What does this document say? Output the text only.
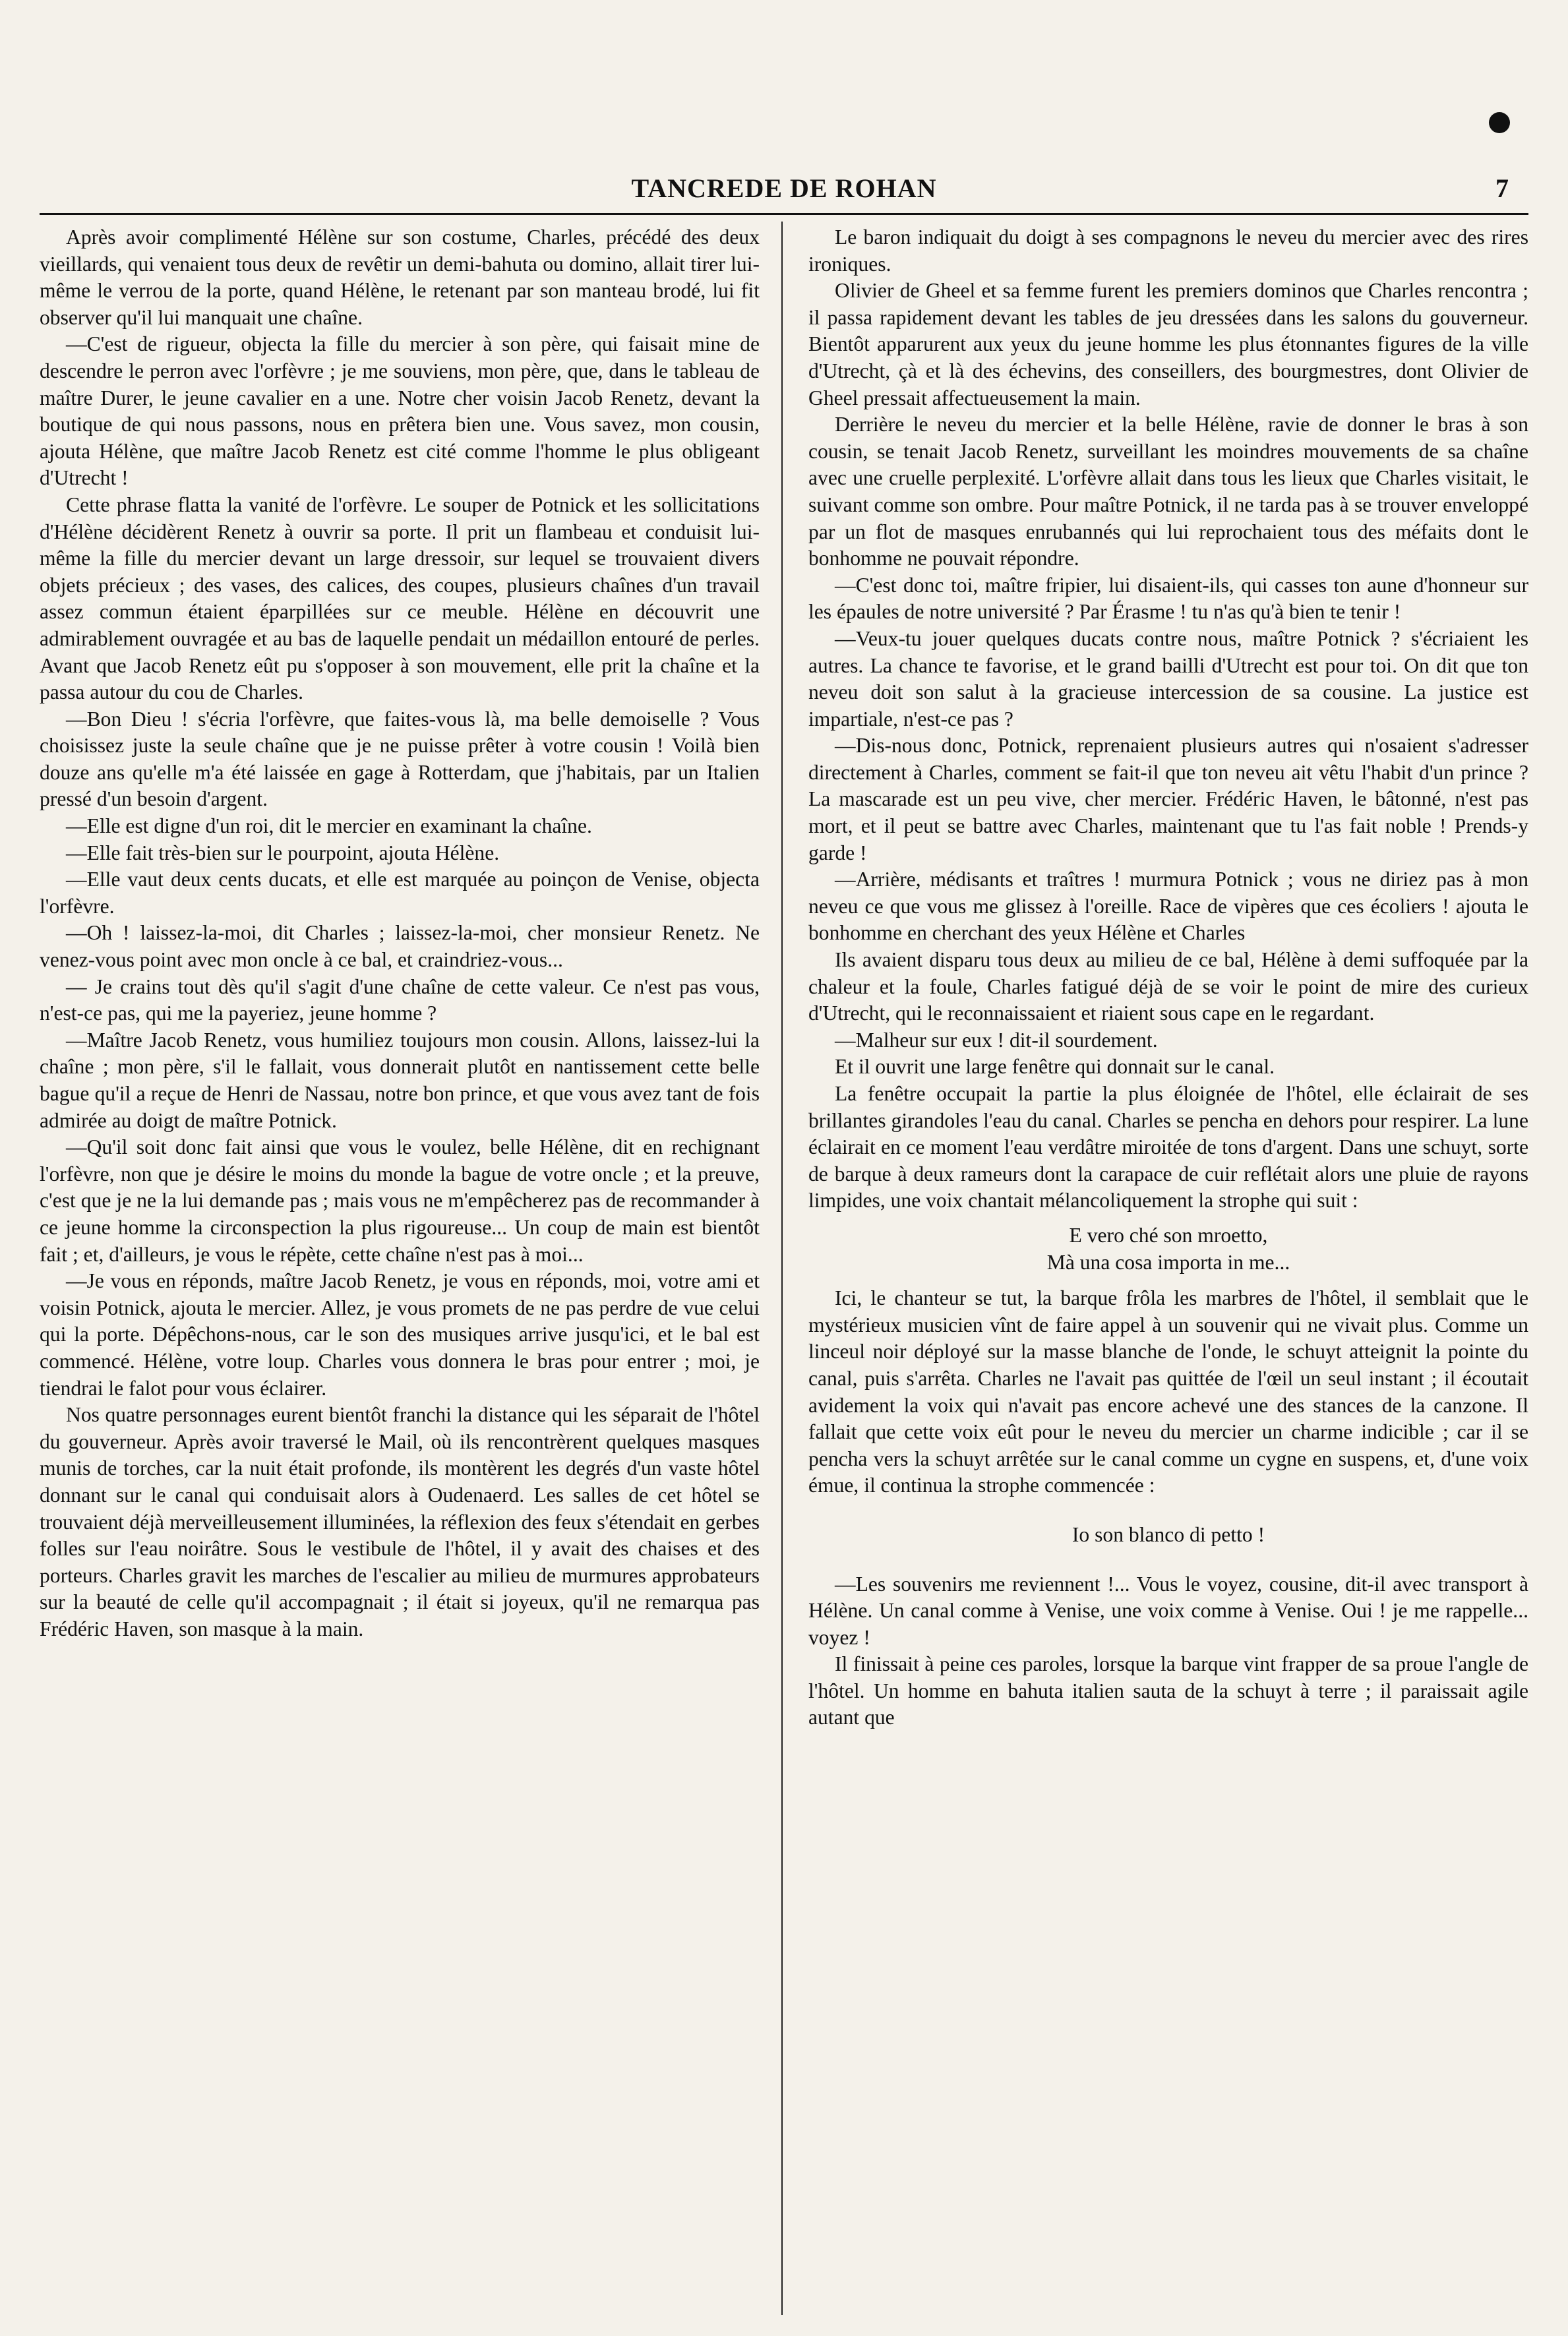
TANCREDE DE ROHAN	7

Après avoir complimenté Hélène sur son costume, Charles, précédé des deux vieillards, qui venaient tous deux de revêtir un demi-bahuta ou domino, allait tirer lui-même le verrou de la porte, quand Hélène, le retenant par son manteau brodé, lui fit observer qu'il lui manquait une chaîne.

—C'est de rigueur, objecta la fille du mercier à son père, qui faisait mine de descendre le perron avec l'orfèvre ; je me souviens, mon père, que, dans le tableau de maître Durer, le jeune cavalier en a une. Notre cher voisin Jacob Renetz, devant la boutique de qui nous passons, nous en prêtera bien une. Vous savez, mon cousin, ajouta Hélène, que maître Jacob Renetz est cité comme l'homme le plus obligeant d'Utrecht !

Cette phrase flatta la vanité de l'orfèvre. Le souper de Potnick et les sollicitations d'Hélène décidèrent Renetz à ouvrir sa porte. Il prit un flambeau et conduisit lui-même la fille du mercier devant un large dressoir, sur lequel se trouvaient divers objets précieux ; des vases, des calices, des coupes, plusieurs chaînes d'un travail assez commun étaient éparpillées sur ce meuble. Hélène en découvrit une admirablement ouvragée et au bas de laquelle pendait un médaillon entouré de perles. Avant que Jacob Renetz eût pu s'opposer à son mouvement, elle prit la chaîne et la passa autour du cou de Charles.

—Bon Dieu ! s'écria l'orfèvre, que faites-vous là, ma belle demoiselle ? Vous choisissez juste la seule chaîne que je ne puisse prêter à votre cousin ! Voilà bien douze ans qu'elle m'a été laissée en gage à Rotterdam, que j'habitais, par un Italien pressé d'un besoin d'argent.

—Elle est digne d'un roi, dit le mercier en examinant la chaîne.

—Elle fait très-bien sur le pourpoint, ajouta Hélène.

—Elle vaut deux cents ducats, et elle est marquée au poinçon de Venise, objecta l'orfèvre.

—Oh ! laissez-la-moi, dit Charles ; laissez-la-moi, cher monsieur Renetz. Ne venez-vous point avec mon oncle à ce bal, et craindriez-vous...

— Je crains tout dès qu'il s'agit d'une chaîne de cette valeur. Ce n'est pas vous, n'est-ce pas, qui me la payeriez, jeune homme ?

—Maître Jacob Renetz, vous humiliez toujours mon cousin. Allons, laissez-lui la chaîne ; mon père, s'il le fallait, vous donnerait plutôt en nantissement cette belle bague qu'il a reçue de Henri de Nassau, notre bon prince, et que vous avez tant de fois admirée au doigt de maître Potnick.

—Qu'il soit donc fait ainsi que vous le voulez, belle Hélène, dit en rechignant l'orfèvre, non que je désire le moins du monde la bague de votre oncle ; et la preuve, c'est que je ne la lui demande pas ; mais vous ne m'empêcherez pas de recommander à ce jeune homme la circonspection la plus rigoureuse... Un coup de main est bientôt fait ; et, d'ailleurs, je vous le répète, cette chaîne n'est pas à moi...

—Je vous en réponds, maître Jacob Renetz, je vous en réponds, moi, votre ami et voisin Potnick, ajouta le mercier. Allez, je vous promets de ne pas perdre de vue celui qui la porte. Dépêchons-nous, car le son des musiques arrive jusqu'ici, et le bal est commencé. Hélène, votre loup. Charles vous donnera le bras pour entrer ; moi, je tiendrai le falot pour vous éclairer.

Nos quatre personnages eurent bientôt franchi la distance qui les séparait de l'hôtel du gouverneur. Après avoir traversé le Mail, où ils rencontrèrent quelques masques munis de torches, car la nuit était profonde, ils montèrent les degrés d'un vaste hôtel donnant sur le canal qui conduisait alors à Oudenaerd. Les salles de cet hôtel se trouvaient déjà merveilleusement illuminées, la réflexion des feux s'étendait en gerbes folles sur l'eau noirâtre. Sous le vestibule de l'hôtel, il y avait des chaises et des porteurs. Charles gravit les marches de l'escalier au milieu de murmures approbateurs sur la beauté de celle qu'il accompagnait ; il était si joyeux, qu'il ne remarqua pas Frédéric Haven, son masque à la main.

Le baron indiquait du doigt à ses compagnons le neveu du mercier avec des rires ironiques.

Olivier de Gheel et sa femme furent les premiers dominos que Charles rencontra ; il passa rapidement devant les tables de jeu dressées dans les salons du gouverneur. Bientôt apparurent aux yeux du jeune homme les plus étonnantes figures de la ville d'Utrecht, çà et là des échevins, des conseillers, des bourgmestres, dont Olivier de Gheel pressait affectueusement la main.

Derrière le neveu du mercier et la belle Hélène, ravie de donner le bras à son cousin, se tenait Jacob Renetz, surveillant les moindres mouvements de sa chaîne avec une cruelle perplexité. L'orfèvre allait dans tous les lieux que Charles visitait, le suivant comme son ombre. Pour maître Potnick, il ne tarda pas à se trouver enveloppé par un flot de masques enrubannés qui lui reprochaient tous des méfaits dont le bonhomme ne pouvait répondre.

—C'est donc toi, maître fripier, lui disaient-ils, qui casses ton aune d'honneur sur les épaules de notre université ? Par Érasme ! tu n'as qu'à bien te tenir !

—Veux-tu jouer quelques ducats contre nous, maître Potnick ? s'écriaient les autres. La chance te favorise, et le grand bailli d'Utrecht est pour toi. On dit que ton neveu doit son salut à la gracieuse intercession de sa cousine. La justice est impartiale, n'est-ce pas ?

—Dis-nous donc, Potnick, reprenaient plusieurs autres qui n'osaient s'adresser directement à Charles, comment se fait-il que ton neveu ait vêtu l'habit d'un prince ? La mascarade est un peu vive, cher mercier. Frédéric Haven, le bâtonné, n'est pas mort, et il peut se battre avec Charles, maintenant que tu l'as fait noble ! Prends-y garde !

—Arrière, médisants et traîtres ! murmura Potnick ; vous ne diriez pas à mon neveu ce que vous me glissez à l'oreille. Race de vipères que ces écoliers ! ajouta le bonhomme en cherchant des yeux Hélène et Charles

Ils avaient disparu tous deux au milieu de ce bal, Hélène à demi suffoquée par la chaleur et la foule, Charles fatigué déjà de se voir le point de mire des curieux d'Utrecht, qui le reconnaissaient et riaient sous cape en le regardant.

—Malheur sur eux ! dit-il sourdement.

Et il ouvrit une large fenêtre qui donnait sur le canal.

La fenêtre occupait la partie la plus éloignée de l'hôtel, elle éclairait de ses brillantes girandoles l'eau du canal. Charles se pencha en dehors pour respirer. La lune éclairait en ce moment l'eau verdâtre miroitée de tons d'argent. Dans une schuyt, sorte de barque à deux rameurs dont la carapace de cuir reflétait alors une pluie de rayons limpides, une voix chantait mélancoliquement la strophe qui suit :

E vero ché son mroetto,
Mà una cosa importa in me...

Ici, le chanteur se tut, la barque frôla les marbres de l'hôtel, il semblait que le mystérieux musicien vînt de faire appel à un souvenir qui ne vivait plus. Comme un linceul noir déployé sur la masse blanche de l'onde, le schuyt atteignit la pointe du canal, puis s'arrêta. Charles ne l'avait pas quittée de l'œil un seul instant ; il écoutait avidement la voix qui n'avait pas encore achevé une des stances de la canzone. Il fallait que cette voix eût pour le neveu du mercier un charme indicible ; car il se pencha vers la schuyt arrêtée sur le canal comme un cygne en suspens, et, d'une voix émue, il continua la strophe commencée :

Io son blanco di petto !

—Les souvenirs me reviennent !... Vous le voyez, cousine, dit-il avec transport à Hélène. Un canal comme à Venise, une voix comme à Venise. Oui ! je me rappelle... voyez !

Il finissait à peine ces paroles, lorsque la barque vint frapper de sa proue l'angle de l'hôtel. Un homme en bahuta italien sauta de la schuyt à terre ; il paraissait agile autant que
